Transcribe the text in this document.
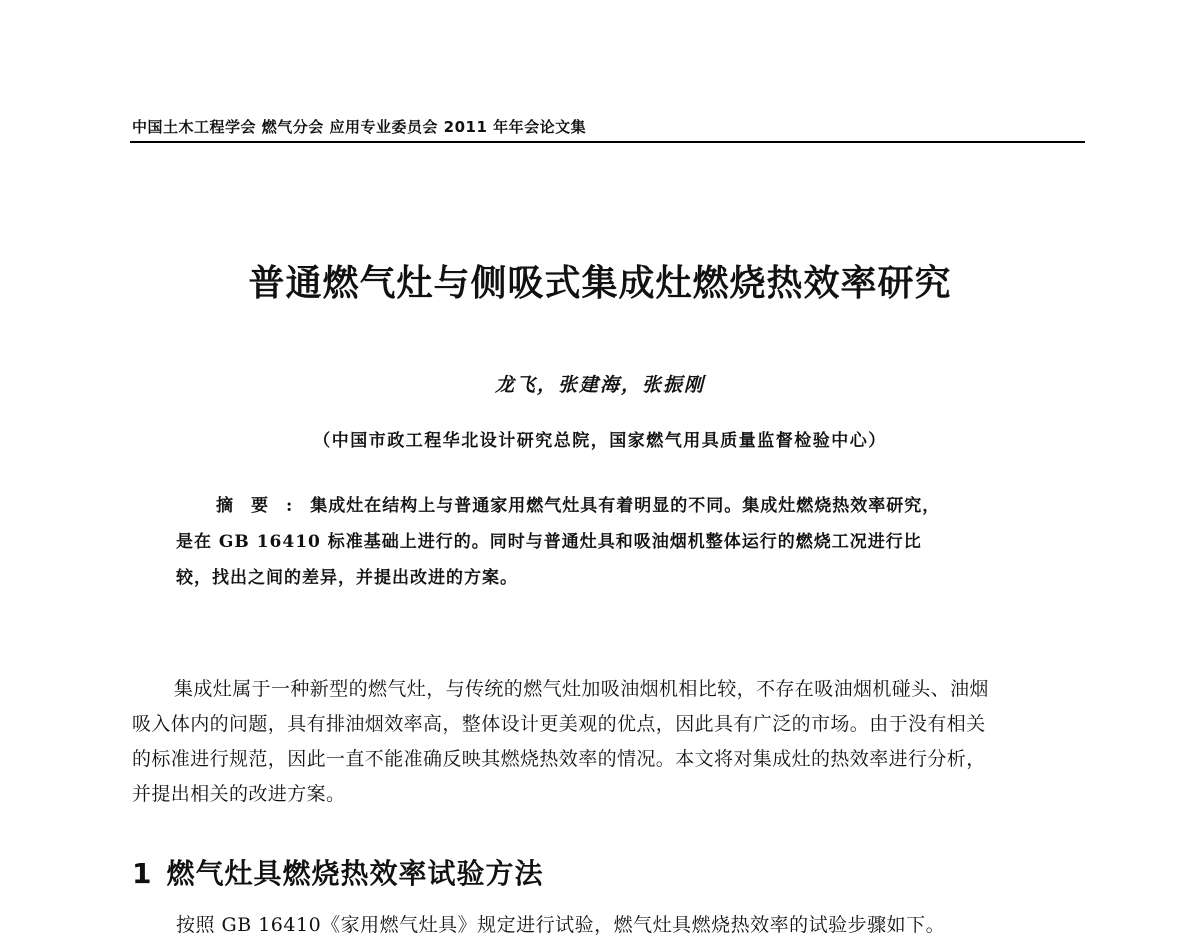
中国土木工程学会 燃气分会 应用专业委员会 2011 年年会论文集
普通燃气灶与侧吸式集成灶燃烧热效率研究
龙飞，张建海，张振刚
（中国市政工程华北设计研究总院，国家燃气用具质量监督检验中心）
摘要:集成灶在结构上与普通家用燃气灶具有着明显的不同。集成灶燃烧热效率研究，
是在 GB 16410 标准基础上进行的。同时与普通灶具和吸油烟机整体运行的燃烧工况进行比
较，找出之间的差异，并提出改进的方案。
集成灶属于一种新型的燃气灶，与传统的燃气灶加吸油烟机相比较，不存在吸油烟机碰头、油烟
吸入体内的问题，具有排油烟效率高，整体设计更美观的优点，因此具有广泛的市场。由于没有相关
的标准进行规范，因此一直不能准确反映其燃烧热效率的情况。本文将对集成灶的热效率进行分析，
并提出相关的改进方案。
1 燃气灶具燃烧热效率试验方法
按照 GB 16410《家用燃气灶具》规定进行试验，燃气灶具燃烧热效率的试验步骤如下。
